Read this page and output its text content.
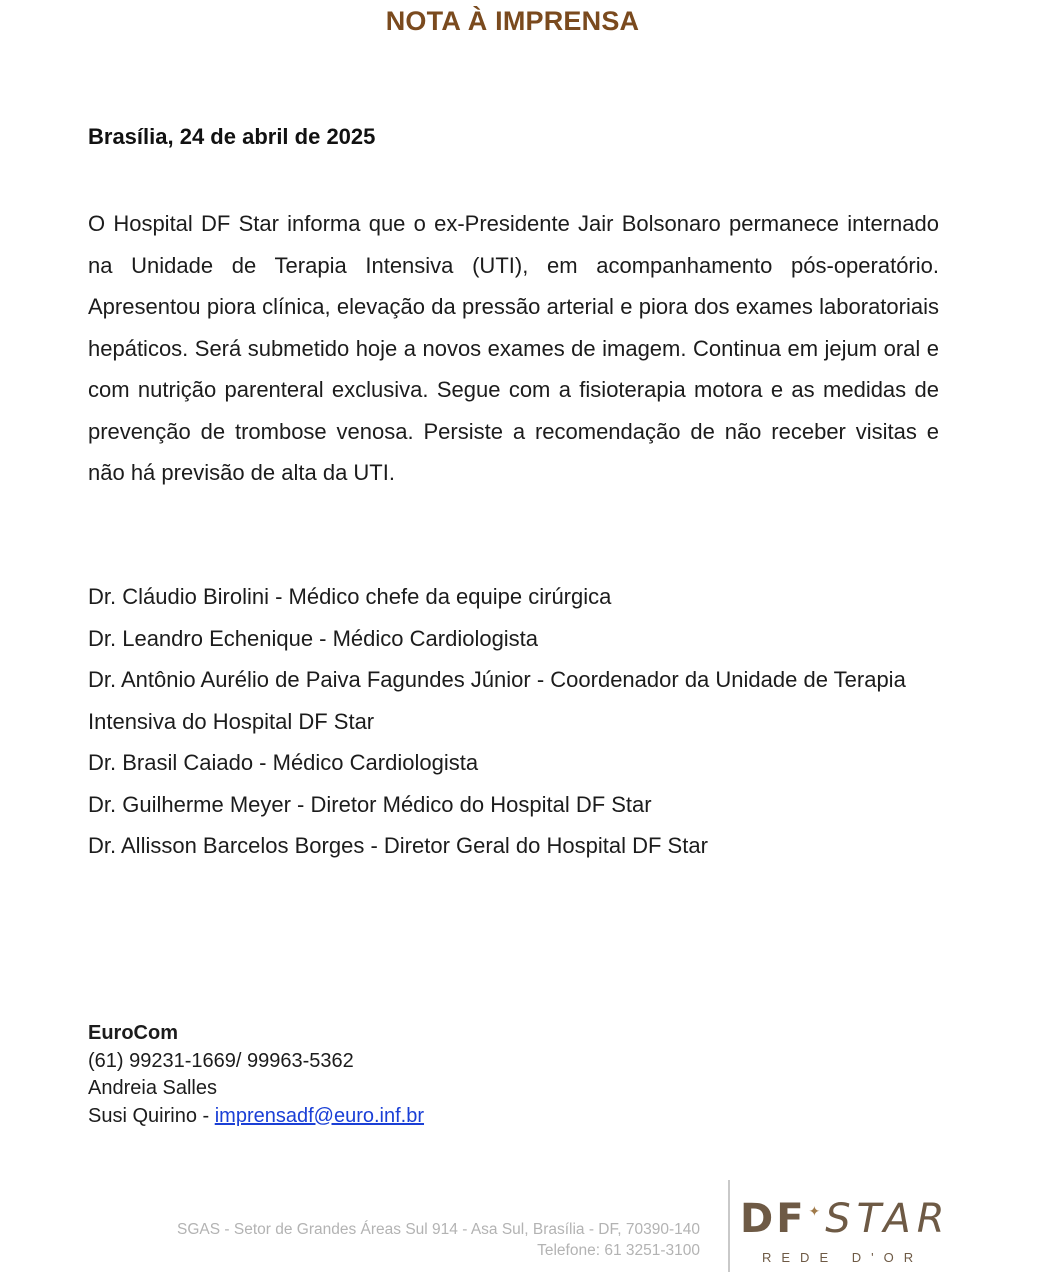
NOTA À IMPRENSA
Brasília, 24 de abril de 2025
O Hospital DF Star informa que o ex-Presidente Jair Bolsonaro permanece internado na Unidade de Terapia Intensiva (UTI), em acompanhamento pós-operatório. Apresentou piora clínica, elevação da pressão arterial e piora dos exames laboratoriais hepáticos. Será submetido hoje a novos exames de imagem. Continua em jejum oral e com nutrição parenteral exclusiva. Segue com a fisioterapia motora e as medidas de prevenção de trombose venosa. Persiste a recomendação de não receber visitas e não há previsão de alta da UTI.
Dr. Cláudio Birolini - Médico chefe da equipe cirúrgica
Dr. Leandro Echenique - Médico Cardiologista
Dr. Antônio Aurélio de Paiva Fagundes Júnior - Coordenador da Unidade de Terapia Intensiva do Hospital DF Star
Dr. Brasil Caiado - Médico Cardiologista
Dr. Guilherme Meyer - Diretor Médico do Hospital DF Star
Dr. Allisson Barcelos Borges - Diretor Geral do Hospital DF Star
EuroCom
(61) 99231-1669/ 99963-5362
Andreia Salles
Susi Quirino - imprensadf@euro.inf.br
SGAS - Setor de Grandes Áreas Sul 914 - Asa Sul, Brasília - DF, 70390-140
Telefone: 61 3251-3100
DF ✦STAR
REDE D'OR
